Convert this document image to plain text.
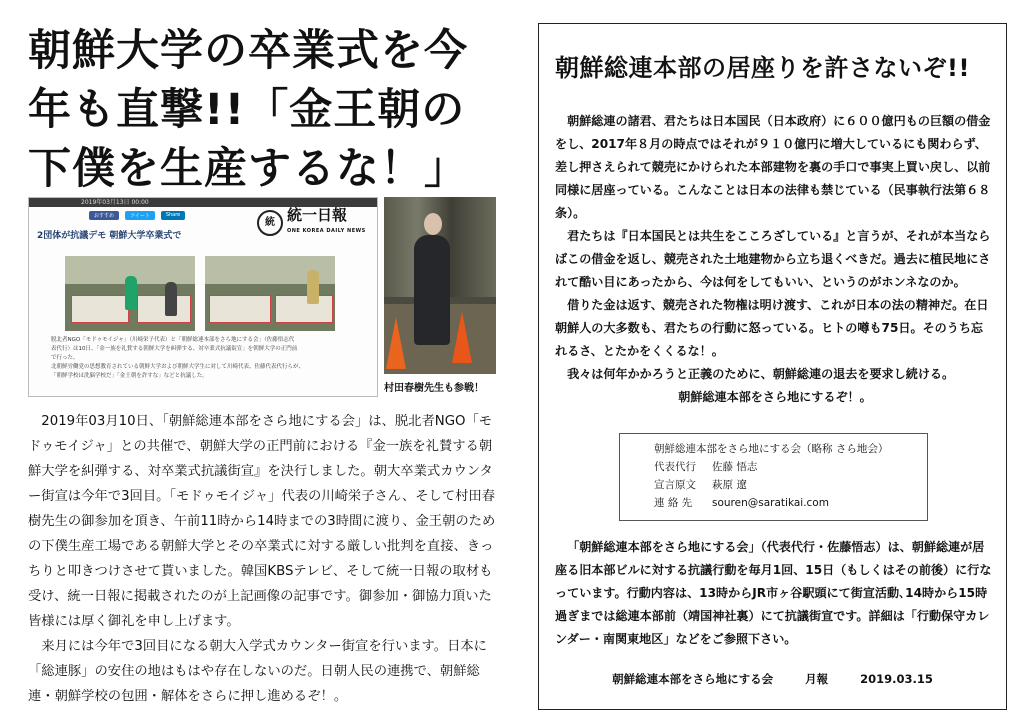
朝鮮大学の卒業式を今年も直撃!!「金王朝の下僕を生産するな！」
2019年03月13日 00:00
おすすめ	ツイート	Share
統 統一日報
ONE KOREA DAILY NEWS
2団体が抗議デモ 朝鮮大学卒業式で
脱北者NGO「モドゥモイジャ」（川崎栄子代表）と「朝鮮総連本部をさら地にする会」（佐藤悟志代
表代行）は10日、「金一族を礼賛する朝鮮大学を糾弾する、対卒業式抗議街宣」を朝鮮大学の正門前
で行った。
北朝鮮労働党の思想教育されている朝鮮大学および朝鮮大学生に対して川崎代表、佐藤代表代行らが、
「朝鮮学校は洗脳学校だ」「金王朝を許すな」などと抗議した。
村田春樹先生も参戦！

2019年03月10日、「朝鮮総連本部をさら地にする会」は、脱北者NGO「モドゥモイジャ」との共催で、朝鮮大学の正門前における『金一族を礼賛する朝鮮大学を糾弾する、対卒業式抗議街宣』を決行しました。朝大卒業式カウンター街宣は今年で3回目。「モドゥモイジャ」代表の川崎栄子さん、そして村田春樹先生の御参加を頂き、午前11時から14時までの3時間に渡り、金王朝のための下僕生産工場である朝鮮大学とその卒業式に対する厳しい批判を直接、きっちりと叩きつけさせて貰いました。韓国KBSテレビ、そして統一日報の取材も受け、統一日報に掲載されたのが上記画像の記事です。御参加・御協力頂いた皆様には厚く御礼を申し上げます。

来月には今年で3回目になる朝大入学式カウンター街宣を行います。日本に「総連豚」の安住の地はもはや存在しないのだ。日朝人民の連携で、朝鮮総連・朝鮮学校の包囲・解体をさらに押し進めるぞ！。

朝鮮総連本部の居座りを許さないぞ!!

朝鮮総連の諸君、君たちは日本国民（日本政府）に６００億円もの巨額の借金をし、2017年８月の時点ではそれが９１０億円に増大しているにも関わらず、差し押さえられて競売にかけられた本部建物を裏の手口で事実上買い戻し、以前同様に居座っている。こんなことは日本の法律も禁じている（民事執行法第６８条）。

君たちは『日本国民とは共生をこころざしている』と言うが、それが本当ならばこの借金を返し、競売された土地建物から立ち退くべきだ。過去に植民地にされて酷い目にあったから、今は何をしてもいい、というのがホンネなのか。

借りた金は返す、競売された物権は明け渡す、これが日本の法の精神だ。在日朝鮮人の大多数も、君たちの行動に怒っている。ヒトの噂も75日。そのうち忘れるさ、とたかをくくるな！。

我々は何年かかろうと正義のために、朝鮮総連の退去を要求し続ける。

朝鮮総連本部をさら地にするぞ！。

朝鮮総連本部をさら地にする会（略称 さら地会）
代表代行 佐藤 悟志
宣言原文 萩原 遼
連 絡 先 souren@saratikai.com

「朝鮮総連本部をさら地にする会」（代表代行・佐藤悟志）は、朝鮮総連が居座る旧本部ビルに対する抗議行動を毎月1回、15日（もしくはその前後）に行なっています。行動内容は、13時からJR市ヶ谷駅頭にて街宣活動､14時から15時過ぎまでは総連本部前（靖国神社裏）にて抗議街宣です。詳細は「行動保守カレンダー・南関東地区」などをご参照下さい。

朝鮮総連本部をさら地にする会	月報	2019.03.15
